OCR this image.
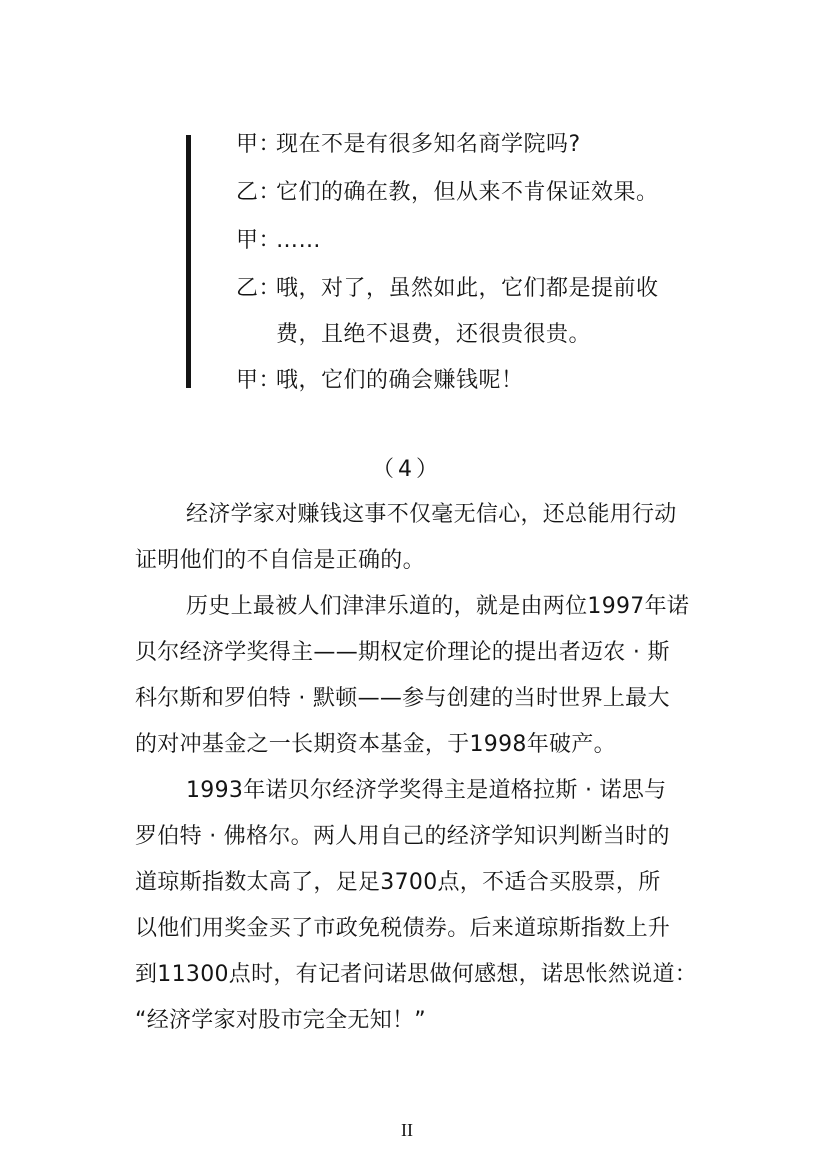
甲：现在不是有很多知名商学院吗?
乙：它们的确在教，但从来不肯保证效果。
甲：……
乙：哦，对了，虽然如此，它们都是提前收
费，且绝不退费，还很贵很贵。
甲：哦，它们的确会赚钱呢！
（4）
经济学家对赚钱这事不仅毫无信心，还总能用行动
证明他们的不自信是正确的。
历史上最被人们津津乐道的，就是由两位1997年诺
贝尔经济学奖得主——期权定价理论的提出者迈农 · 斯
科尔斯和罗伯特 · 默顿——参与创建的当时世界上最大
的对冲基金之一长期资本基金，于1998年破产。
1993年诺贝尔经济学奖得主是道格拉斯 · 诺思与
罗伯特 · 佛格尔。两人用自己的经济学知识判断当时的
道琼斯指数太高了，足足3700点，不适合买股票，所
以他们用奖金买了市政免税债券。后来道琼斯指数上升
到11300点时，有记者问诺思做何感想，诺思怅然说道：
“经济学家对股市完全无知！”
II
